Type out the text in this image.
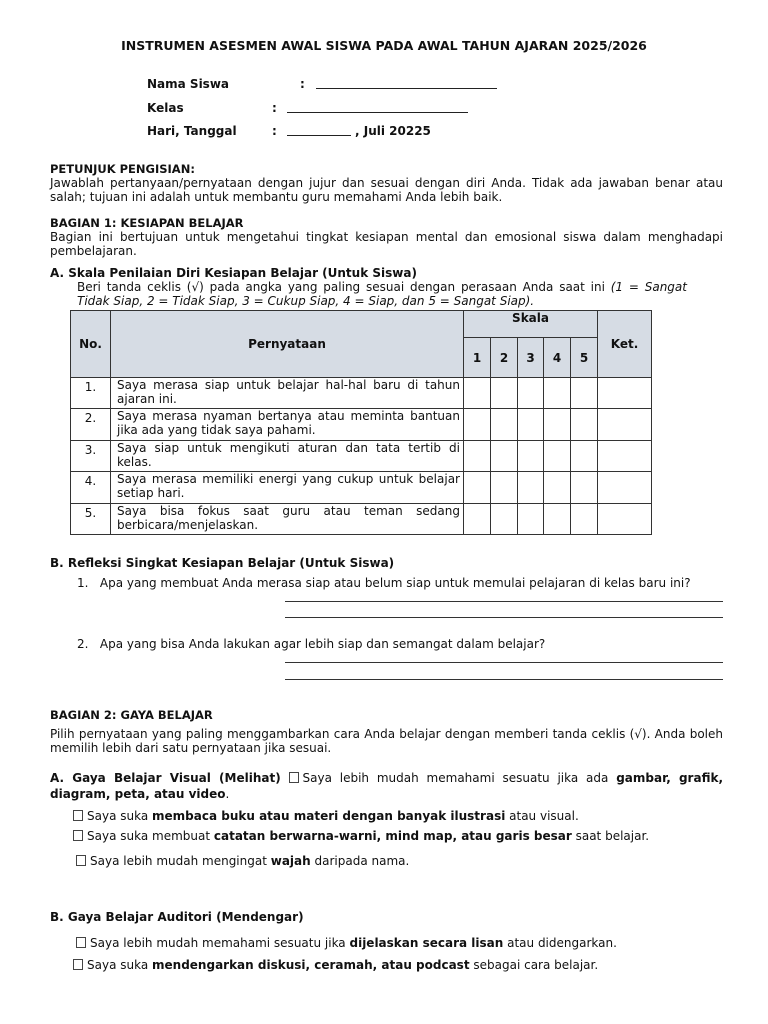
INSTRUMEN ASESMEN AWAL SISWA PADA AWAL TAHUN AJARAN 2025/2026
Nama Siswa	:
Kelas	:
Hari, Tanggal	:	, Juli 20225
PETUNJUK PENGISIAN:
Jawablah pertanyaan/pernyataan dengan jujur dan sesuai dengan diri Anda. Tidak ada jawaban benar atau salah; tujuan ini adalah untuk membantu guru memahami Anda lebih baik.
BAGIAN 1: KESIAPAN BELAJAR
Bagian ini bertujuan untuk mengetahui tingkat kesiapan mental dan emosional siswa dalam menghadapi pembelajaran.
A. Skala Penilaian Diri Kesiapan Belajar (Untuk Siswa)
Beri tanda ceklis (√) pada angka yang paling sesuai dengan perasaan Anda saat ini (1 = Sangat Tidak Siap, 2 = Tidak Siap, 3 = Cukup Siap, 4 = Siap, dan 5 = Sangat Siap).
No.	Pernyataan	Skala					Ket.
		1	2	3	4	5	
1.	Saya merasa siap untuk belajar hal-hal baru di tahun ajaran ini.						
2.	Saya merasa nyaman bertanya atau meminta bantuan jika ada yang tidak saya pahami.						
3.	Saya siap untuk mengikuti aturan dan tata tertib di kelas.						
4.	Saya merasa memiliki energi yang cukup untuk belajar setiap hari.						
5.	Saya bisa fokus saat guru atau teman sedang berbicara/menjelaskan.						
B. Refleksi Singkat Kesiapan Belajar (Untuk Siswa)
1.   Apa yang membuat Anda merasa siap atau belum siap untuk memulai pelajaran di kelas baru ini?
2.   Apa yang bisa Anda lakukan agar lebih siap dan semangat dalam belajar?
BAGIAN 2: GAYA BELAJAR
Pilih pernyataan yang paling menggambarkan cara Anda belajar dengan memberi tanda ceklis (√). Anda boleh memilih lebih dari satu pernyataan jika sesuai.
A. Gaya Belajar Visual (Melihat) Saya lebih mudah memahami sesuatu jika ada gambar, grafik, diagram, peta, atau video.
Saya suka membaca buku atau materi dengan banyak ilustrasi atau visual.
Saya suka membuat catatan berwarna-warni, mind map, atau garis besar saat belajar.
Saya lebih mudah mengingat wajah daripada nama.
B. Gaya Belajar Auditori (Mendengar)
Saya lebih mudah memahami sesuatu jika dijelaskan secara lisan atau didengarkan.
Saya suka mendengarkan diskusi, ceramah, atau podcast sebagai cara belajar.
